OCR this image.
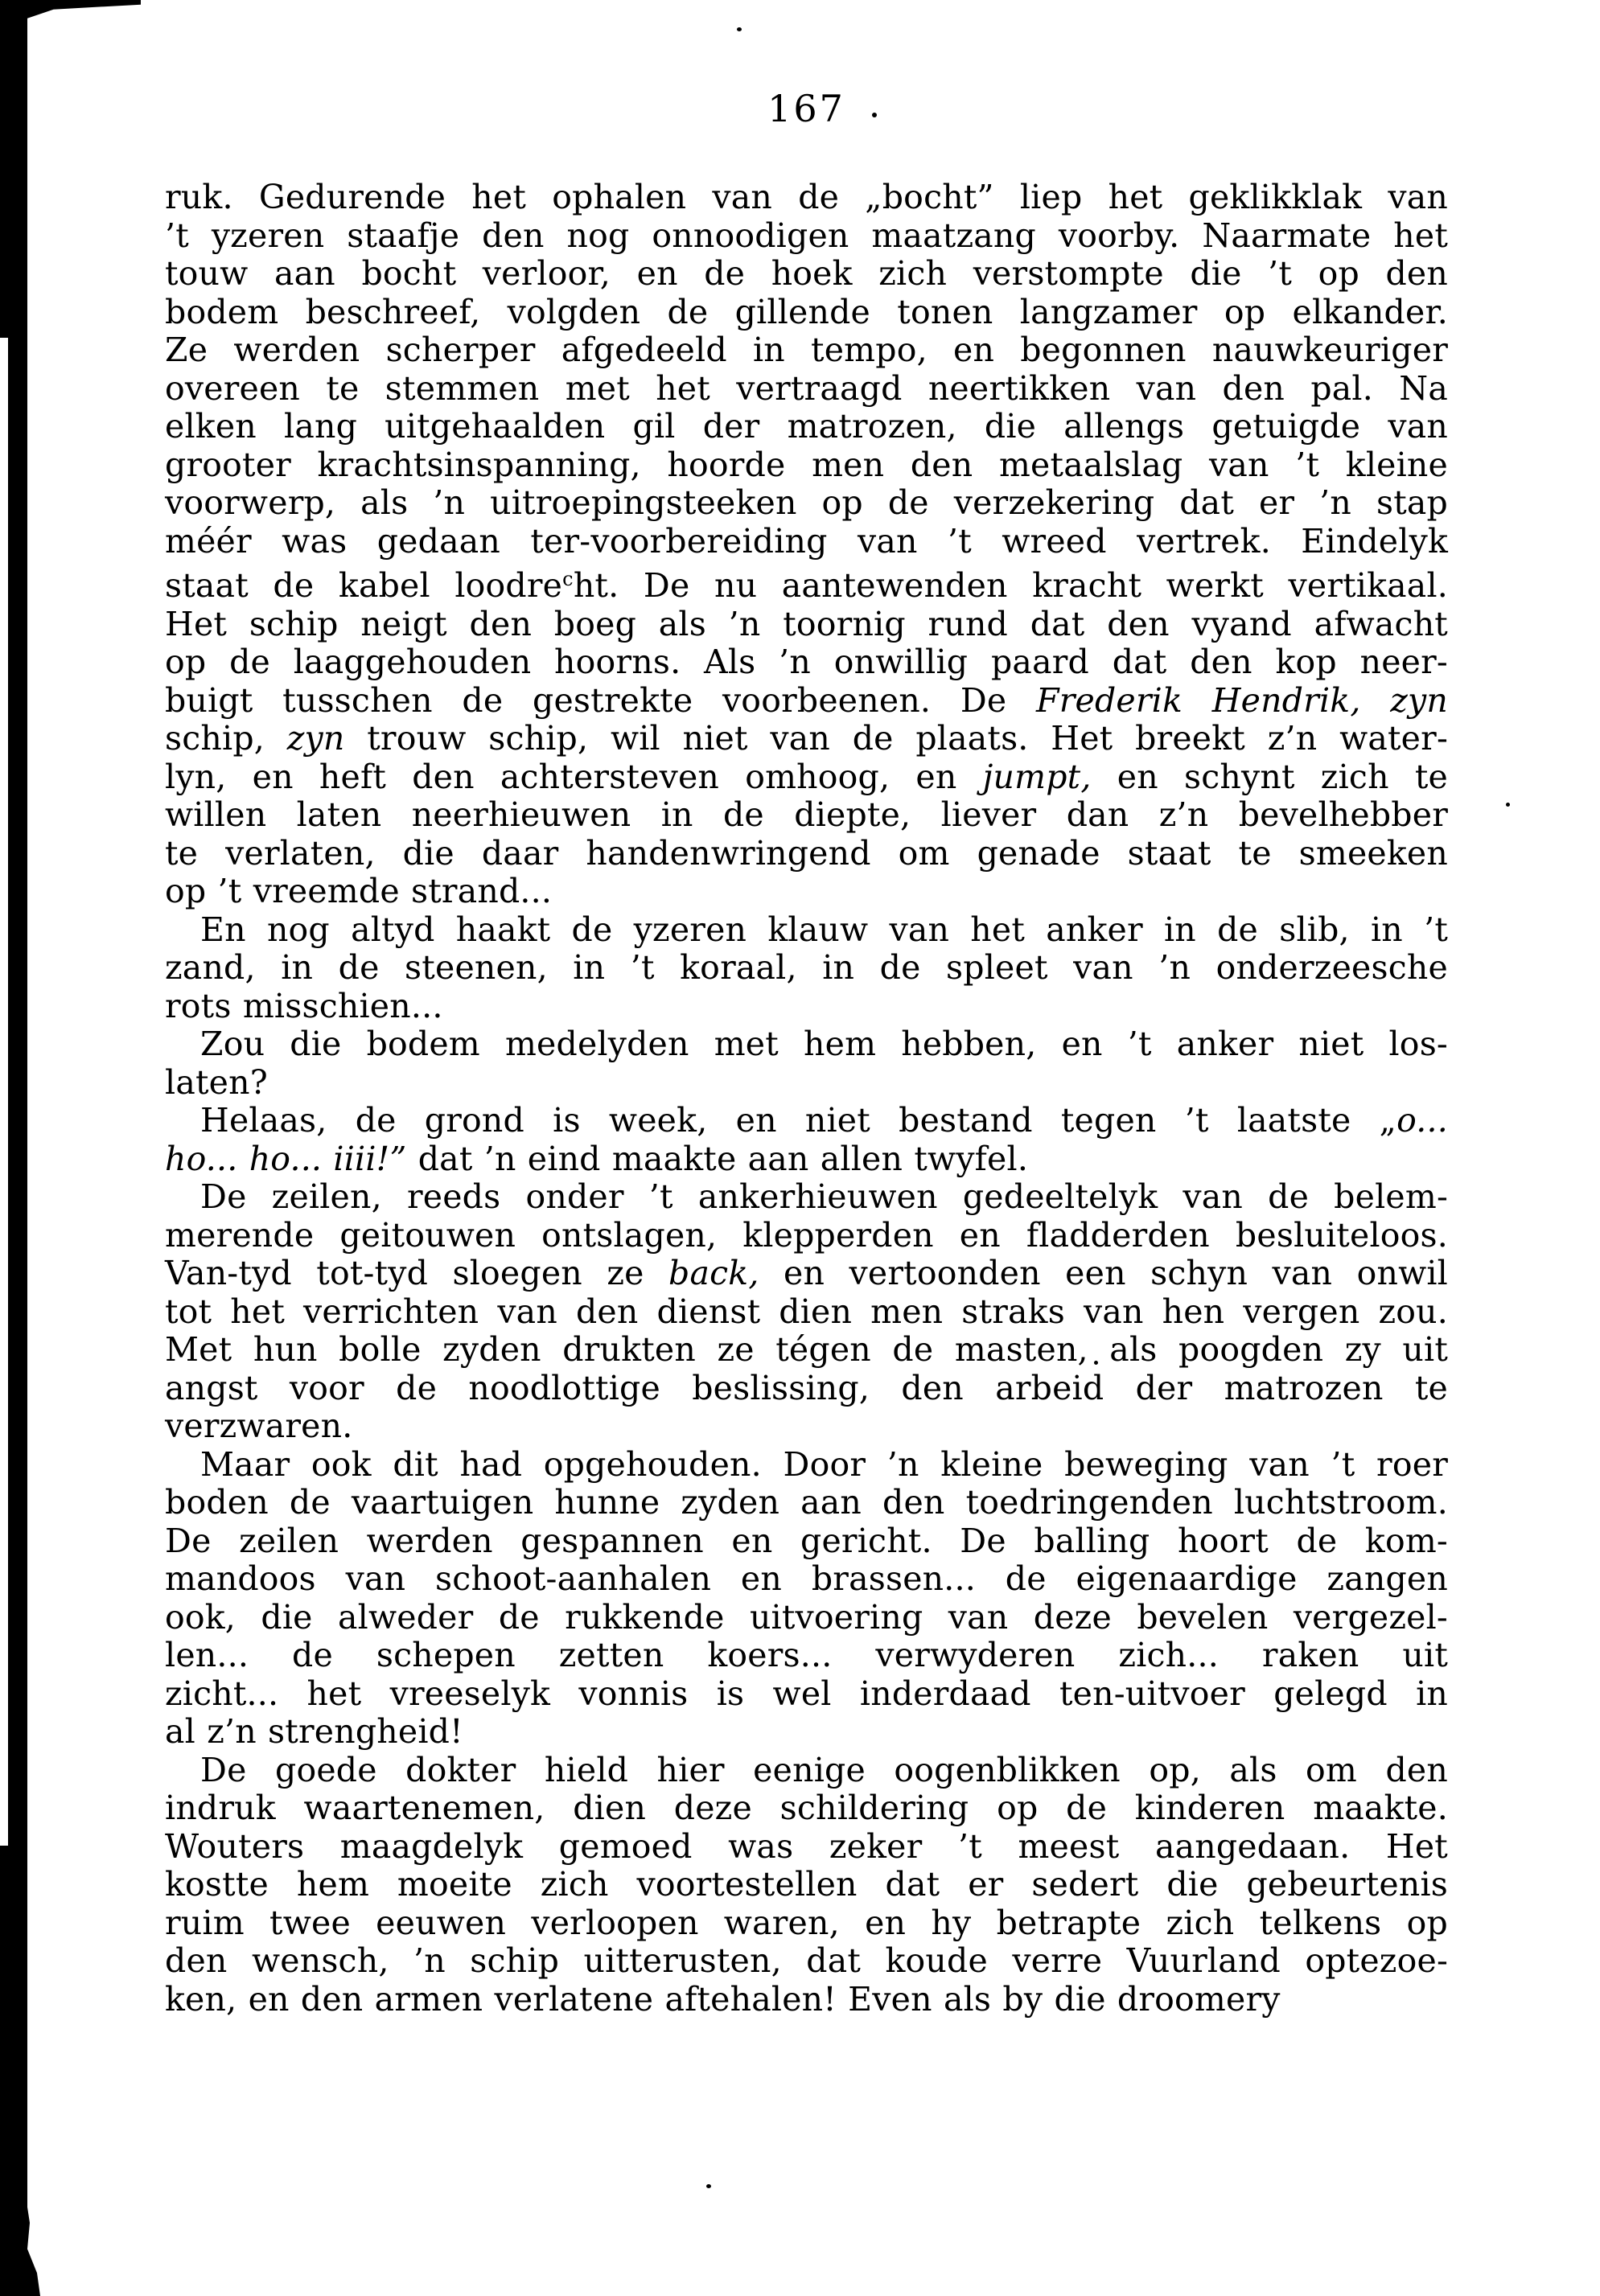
167
ruk. Gedurende het ophalen van de „bocht” liep het geklikklak van
’t yzeren staafje den nog onnoodigen maatzang voorby. Naarmate het
touw aan bocht verloor, en de hoek zich verstompte die ’t op den
bodem beschreef, volgden de gillende tonen langzamer op elkander.
Ze werden scherper afgedeeld in tempo, en begonnen nauwkeuriger
overeen te stemmen met het vertraagd neertikken van den pal. Na
elken lang uitgehaalden gil der matrozen, die allengs getuigde van
grooter krachtsinspanning, hoorde men den metaalslag van ’t kleine
voorwerp, als ’n uitroepingsteeken op de verzekering dat er ’n stap
méér was gedaan ter-voorbereiding van ’t wreed vertrek. Eindelyk
staat de kabel loodre$^c$ht. De nu aantewenden kracht werkt vertikaal.
Het schip neigt den boeg als ’n toornig rund dat den vyand afwacht
op de laaggehouden hoorns. Als ’n onwillig paard dat den kop neer-
buigt tusschen de gestrekte voorbeenen. De Frederik Hendrik, zyn
schip, zyn trouw schip, wil niet van de plaats. Het breekt z’n water-
lyn, en heft den achtersteven omhoog, en jumpt, en schynt zich te
willen laten neerhieuwen in de diepte, liever dan z’n bevelhebber
te verlaten, die daar handenwringend om genade staat te smeeken
op ’t vreemde strand...
En nog altyd haakt de yzeren klauw van het anker in de slib, in ’t
zand, in de steenen, in ’t koraal, in de spleet van ’n onderzeesche
rots misschien...
Zou die bodem medelyden met hem hebben, en ’t anker niet los-
laten?
Helaas, de grond is week, en niet bestand tegen ’t laatste „o...
ho... ho... iiii!” dat ’n eind maakte aan allen twyfel.
De zeilen, reeds onder ’t ankerhieuwen gedeeltelyk van de belem-
merende geitouwen ontslagen, klepperden en fladderden besluiteloos.
Van-tyd tot-tyd sloegen ze back, en vertoonden een schyn van onwil
tot het verrichten van den dienst dien men straks van hen vergen zou.
Met hun bolle zyden drukten ze tégen de masten, als poogden zy uit
angst voor de noodlottige beslissing, den arbeid der matrozen te
verzwaren.
Maar ook dit had opgehouden. Door ’n kleine beweging van ’t roer
boden de vaartuigen hunne zyden aan den toedringenden luchtstroom.
De zeilen werden gespannen en gericht. De balling hoort de kom-
mandoos van schoot-aanhalen en brassen... de eigenaardige zangen
ook, die alweder de rukkende uitvoering van deze bevelen vergezel-
len... de schepen zetten koers... verwyderen zich... raken uit
zicht... het vreeselyk vonnis is wel inderdaad ten-uitvoer gelegd in
al z’n strengheid!
De goede dokter hield hier eenige oogenblikken op, als om den
indruk waartenemen, dien deze schildering op de kinderen maakte.
Wouters maagdelyk gemoed was zeker ’t meest aangedaan. Het
kostte hem moeite zich voortestellen dat er sedert die gebeurtenis
ruim twee eeuwen verloopen waren, en hy betrapte zich telkens op
den wensch, ’n schip uitterusten, dat koude verre Vuurland optezoe-
ken, en den armen verlatene aftehalen! Even als by die droomery
